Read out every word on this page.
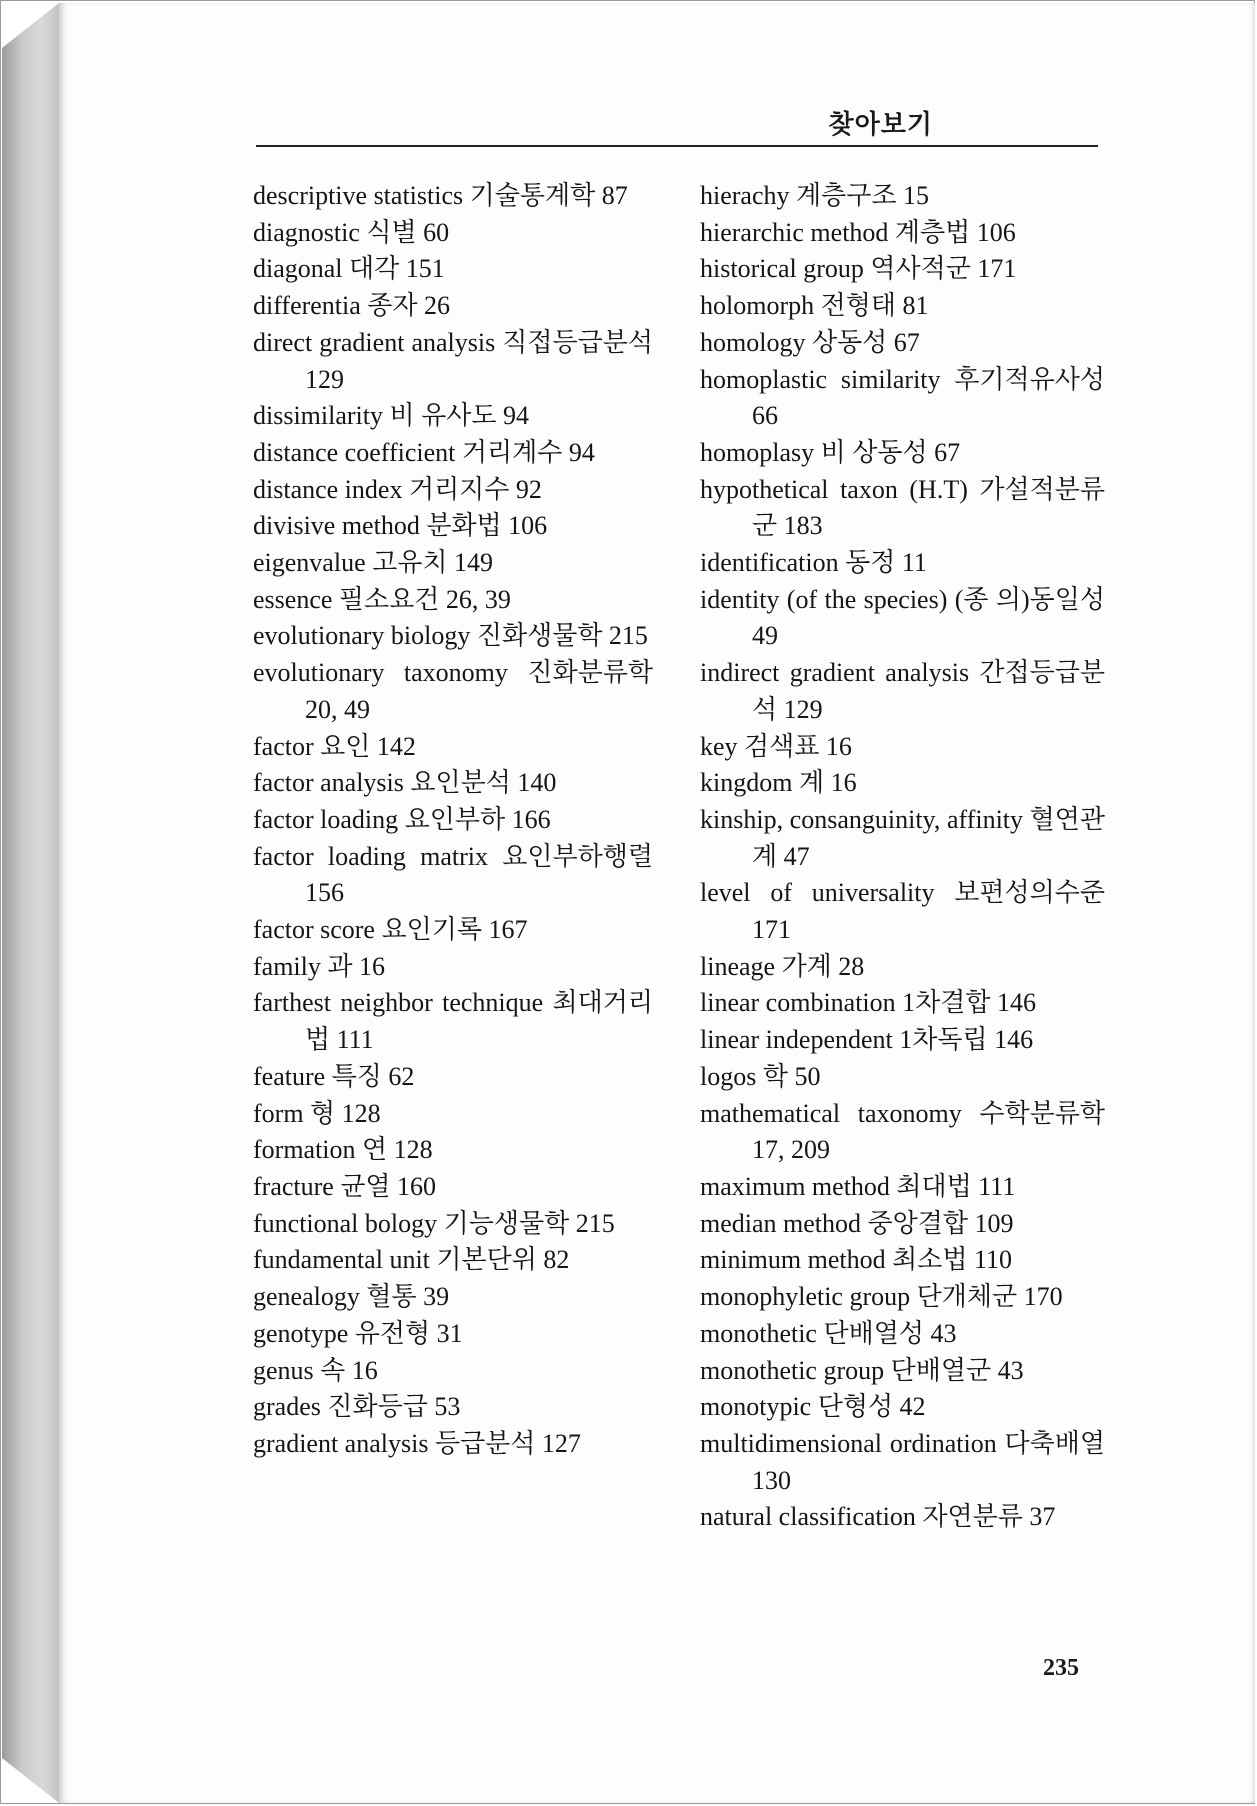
찾아보기
descriptive statistics 기술통계학 87
diagnostic 식별 60
diagonal 대각 151
differentia 종자 26
direct gradient analysis 직접등급분석 129
dissimilarity 비 유사도 94
distance coefficient 거리계수 94
distance index 거리지수 92
divisive method 분화법 106
eigenvalue 고유치 149
essence 필소요건 26, 39
evolutionary biology 진화생물학 215
evolutionary taxonomy 진화분류학 20, 49
factor 요인 142
factor analysis 요인분석 140
factor loading 요인부하 166
factor loading matrix 요인부하행렬 156
factor score 요인기록 167
family 과 16
farthest neighbor technique 최대거리법 111
feature 특징 62
form 형 128
formation 연 128
fracture 균열 160
functional bology 기능생물학 215
fundamental unit 기본단위 82
genealogy 혈통 39
genotype 유전형 31
genus 속 16
grades 진화등급 53
gradient analysis 등급분석 127
hierachy 계층구조 15
hierarchic method 계층법 106
historical group 역사적군 171
holomorph 전형태 81
homology 상동성 67
homoplastic similarity 후기적유사성 66
homoplasy 비 상동성 67
hypothetical taxon (H.T) 가설적분류군 183
identification 동정 11
identity (of the species) (종 의)동일성 49
indirect gradient analysis 간접등급분석 129
key 검색표 16
kingdom 계 16
kinship, consanguinity, affinity 혈연관계 47
level of universality 보편성의수준 171
lineage 가계 28
linear combination 1차결합 146
linear independent 1차독립 146
logos 학 50
mathematical taxonomy 수학분류학 17, 209
maximum method 최대법 111
median method 중앙결합 109
minimum method 최소법 110
monophyletic group 단개체군 170
monothetic 단배열성 43
monothetic group 단배열군 43
monotypic 단형성 42
multidimensional ordination 다축배열 130
natural classification 자연분류 37
235
